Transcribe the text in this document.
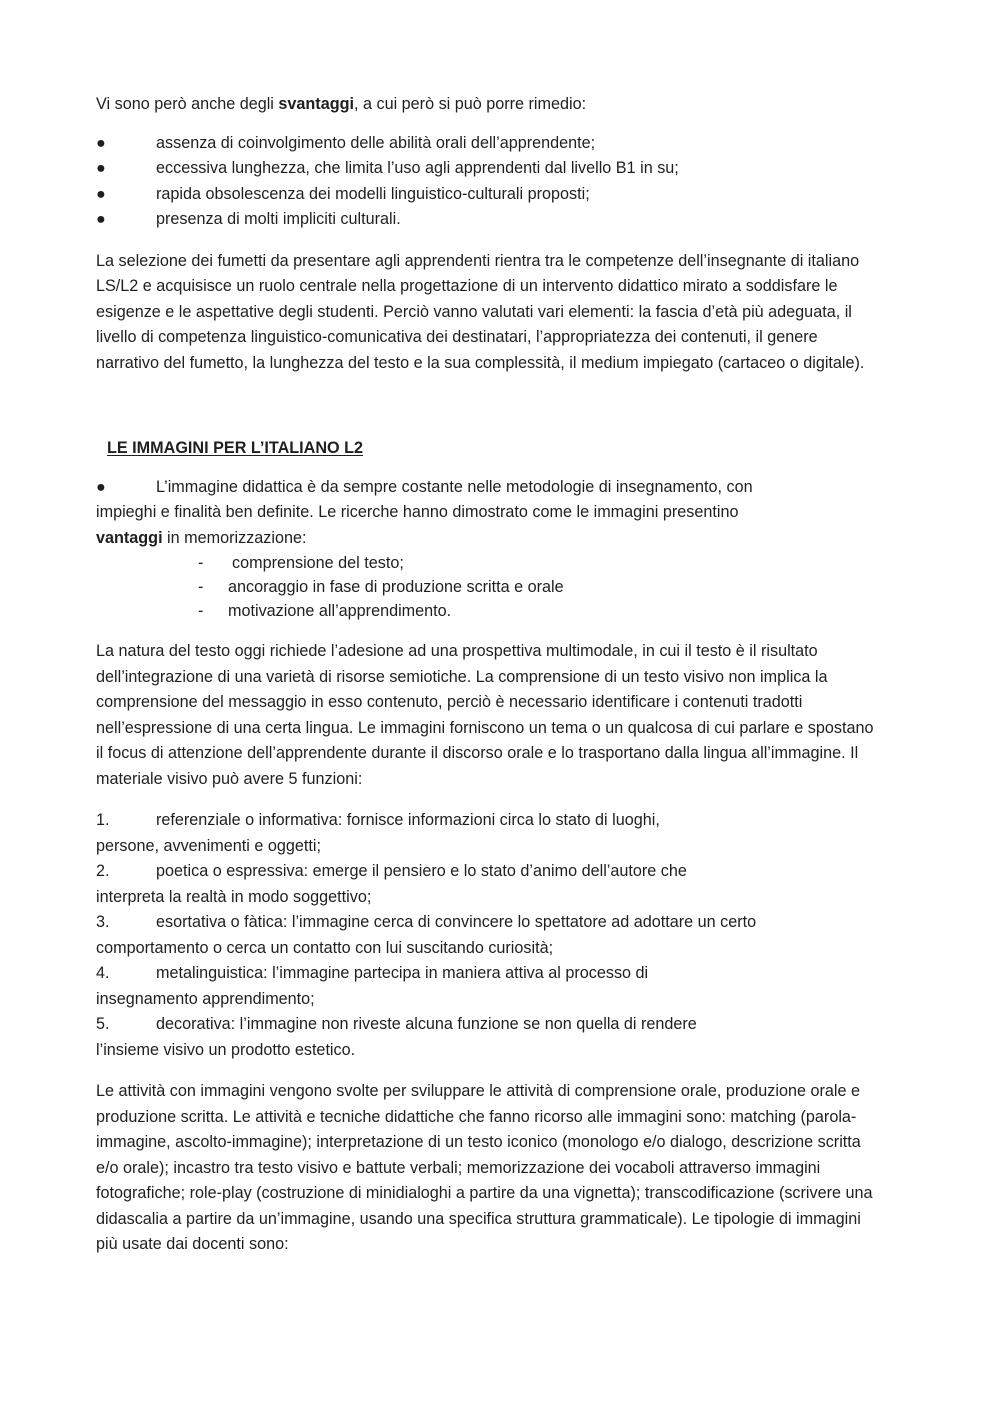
Vi sono però anche degli svantaggi, a cui però si può porre rimedio:

●	assenza di coinvolgimento delle abilità orali dell’apprendente;
●	eccessiva lunghezza, che limita l’uso agli apprendenti dal livello B1 in su;
●	rapida obsolescenza dei modelli linguistico-culturali proposti;
●	presenza di molti impliciti culturali.

La selezione dei fumetti da presentare agli apprendenti rientra tra le competenze dell’insegnante di italiano LS/L2 e acquisisce un ruolo centrale nella progettazione di un intervento didattico mirato a soddisfare le esigenze e le aspettative degli studenti. Perciò vanno valutati vari elementi: la fascia d’età più adeguata, il livello di competenza linguistico-comunicativa dei destinatari, l’appropriatezza dei contenuti, il genere narrativo del fumetto, la lunghezza del testo e la sua complessità, il medium impiegato (cartaceo o digitale).

LE IMMAGINI PER L’ITALIANO L2

●	L’immagine didattica è da sempre costante nelle metodologie di insegnamento, con

impieghi e finalità ben definite. Le ricerche hanno dimostrato come le immagini presentino

vantaggi in memorizzazione:

-	comprensione del testo;
-	ancoraggio in fase di produzione scritta e orale
-	motivazione all’apprendimento.

La natura del testo oggi richiede l’adesione ad una prospettiva multimodale, in cui il testo è il risultato dell’integrazione di una varietà di risorse semiotiche. La comprensione di un testo visivo non implica la comprensione del messaggio in esso contenuto, perciò è necessario identificare i contenuti tradotti nell’espressione di una certa lingua. Le immagini forniscono un tema o un qualcosa di cui parlare e spostano il focus di attenzione dell’apprendente durante il discorso orale e lo trasportano dalla lingua all’immagine. Il materiale visivo può avere 5 funzioni:

1.	referenziale o informativa: fornisce informazioni circa lo stato di luoghi,

persone, avvenimenti e oggetti;

2.	poetica o espressiva: emerge il pensiero e lo stato d’animo dell’autore che

interpreta la realtà in modo soggettivo;

3.	esortativa o fàtica: l’immagine cerca di convincere lo spettatore ad adottare un certo

comportamento o cerca un contatto con lui suscitando curiosità;

4.	metalinguistica: l’immagine partecipa in maniera attiva al processo di

insegnamento apprendimento;

5.	decorativa: l’immagine non riveste alcuna funzione se non quella di rendere

l’insieme visivo un prodotto estetico.

Le attività con immagini vengono svolte per sviluppare le attività di comprensione orale, produzione orale e produzione scritta. Le attività e tecniche didattiche che fanno ricorso alle immagini sono: matching (parola-immagine, ascolto-immagine); interpretazione di un testo iconico (monologo e/o dialogo, descrizione scritta e/o orale); incastro tra testo visivo e battute verbali; memorizzazione dei vocaboli attraverso immagini fotografiche; role-play (costruzione di minidialoghi a partire da una vignetta); transcodificazione (scrivere una didascalia a partire da un’immagine, usando una specifica struttura grammaticale). Le tipologie di immagini più usate dai docenti sono:
